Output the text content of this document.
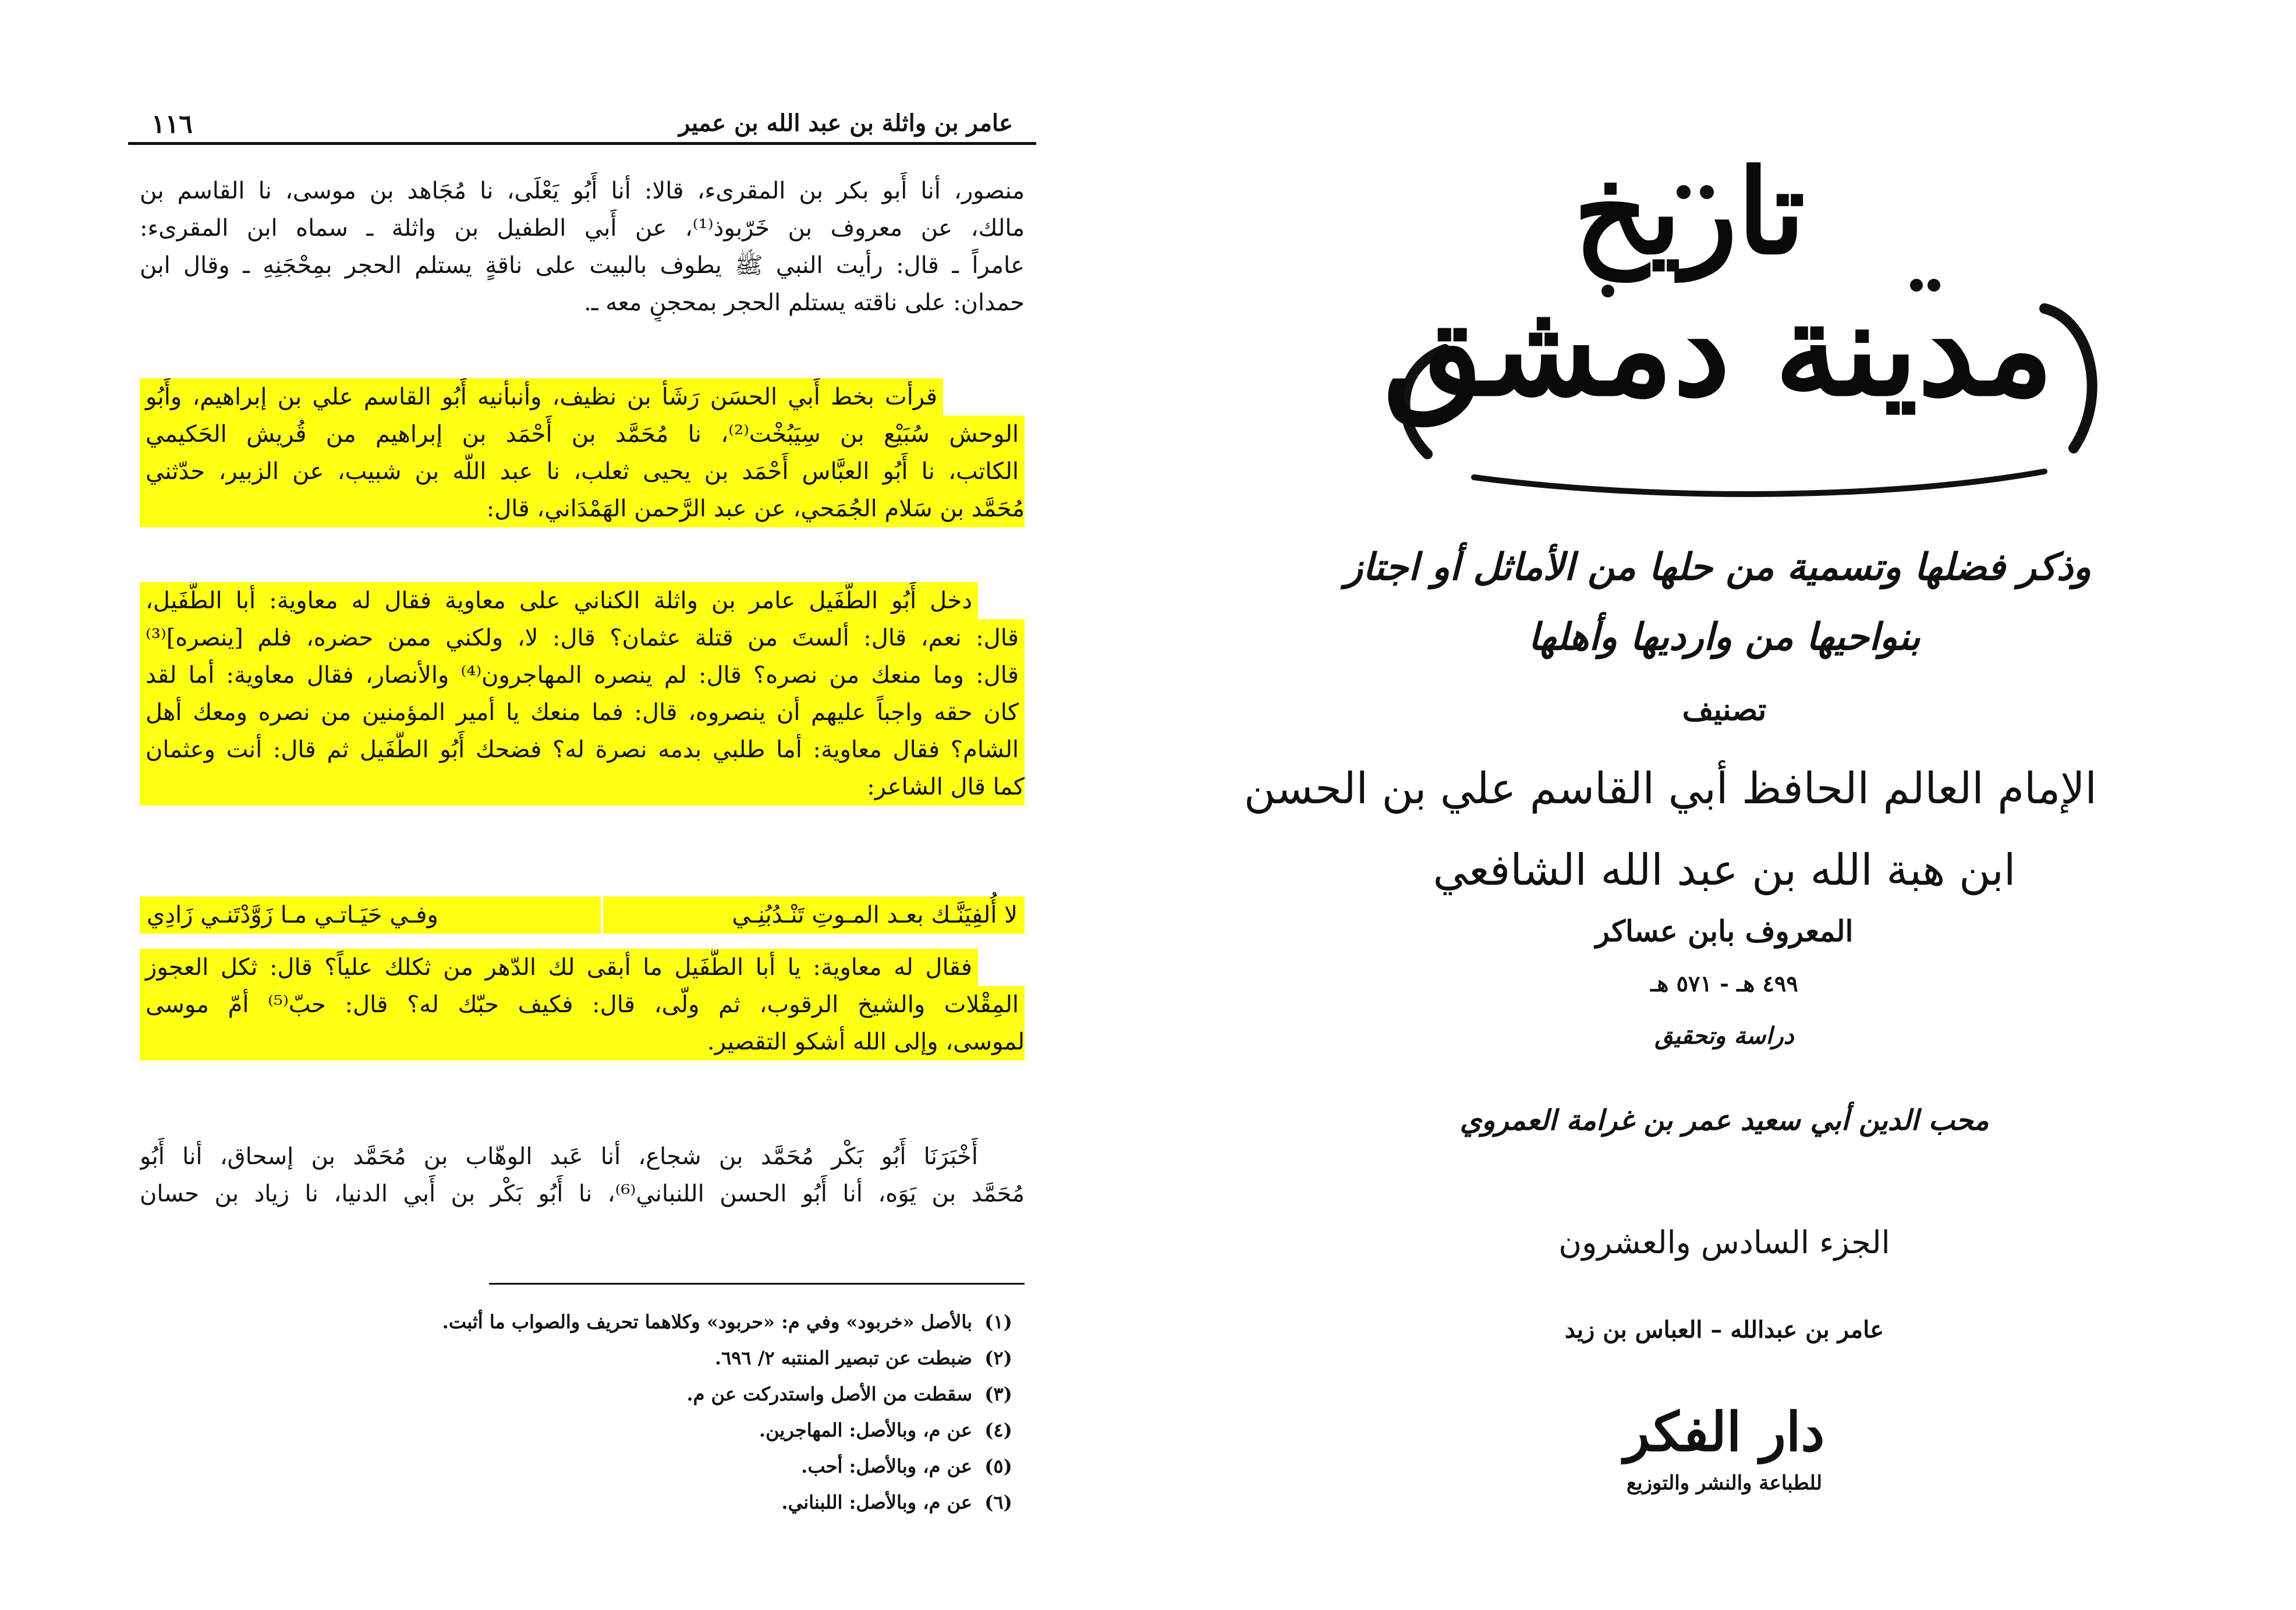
١١٦	عامر بن واثلة بن عبد الله بن عمير
منصور، أنا أَبو بكر بن المقرىء، قالا: أنا أَبُو يَعْلَى، نا مُجَاهد بن موسى، نا القاسم بن
مالك، عن معروف بن خَرّبوذ⁽¹⁾، عن أَبي الطفيل بن واثلة ـ سماه ابن المقرىء:
عامراً ـ قال: رأيت النبي ﷺ يطوف بالبيت على ناقةٍ يستلم الحجر بمِحْجَنِهِ ـ وقال ابن
حمدان: على ناقته يستلم الحجر بمحجنٍ معه ـ.
قرأت بخط أَبي الحسَن رَشَأ بن نظيف، وأنبأنيه أَبُو القاسم علي بن إبراهيم، وأَبُو
الوحش سُبَيْع بن سِيَبُخْت⁽²⁾، نا مُحَمَّد بن أَحْمَد بن إبراهيم من قُريش الحَكيمي
الكاتب، نا أَبُو العبَّاس أَحْمَد بن يحيى ثعلب، نا عبد اللّه بن شبيب، عن الزبير، حدّثني
مُحَمَّد بن سَلام الجُمَحي، عن عبد الرَّحمن الهَمْدَاني، قال:
دخل أَبُو الطُّفَيل عامر بن واثلة الكناني على معاوية فقال له معاوية: أبا الطُّفَيل،
قال: نعم، قال: ألستَ من قتلة عثمان؟ قال: لا، ولكني ممن حضره، فلم [ينصره]⁽³⁾
قال: وما منعك من نصره؟ قال: لم ينصره المهاجرون⁽⁴⁾ والأنصار، فقال معاوية: أما لقد
كان حقه واجباً عليهم أن ينصروه، قال: فما منعك يا أمير المؤمنين من نصره ومعك أهل
الشام؟ فقال معاوية: أما طلبي بدمه نصرة له؟ فضحك أَبُو الطُّفَيل ثم قال: أنت وعثمان
كما قال الشاعر:
لا أُلفِيَنَّـك بعـد المـوتِ تَنْـدُبُنِـي
وفـي حَيَـاتـي مـا زَوَّدْتَنـي زَادِي
فقال له معاوية: يا أبا الطُّفَيل ما أبقى لك الدّهر من ثكلك علياً؟ قال: ثكل العجوز
المِقْلات والشيخ الرقوب، ثم ولّى، قال: فكيف حبّك له؟ قال: حبّ⁽⁵⁾ أمّ موسى
لموسى، وإلى الله أشكو التقصير.
أَخْبَرَنَا أَبُو بَكْر مُحَمَّد بن شجاع، أنا عَبد الوهّاب بن مُحَمَّد بن إسحاق، أنا أَبُو
مُحَمَّد بن يَوَه، أنا أَبُو الحسن اللنباني⁽⁶⁾، نا أَبُو بَكْر بن أَبي الدنيا، نا زياد بن حسان
(١)
بالأصل «خربود» وفي م: «حربود» وكلاهما تحريف والصواب ما أثبت.
(٢)
ضبطت عن تبصير المنتبه ٢/ ٦٩٦.
(٣)
سقطت من الأصل واستدركت عن م.
(٤)
عن م، وبالأصل: المهاجرين.
(٥)
عن م، وبالأصل: أحب.
(٦)
عن م، وبالأصل: اللبناني.
تاريخ
مدينة دمشق
وذكر فضلها وتسمية من حلها من الأماثل أو اجتاز
بنواحيها من وارديها وأهلها
تصنيف
الإمام العالم الحافظ أبي القاسم علي بن الحسن
ابن هبة الله بن عبد الله الشافعي
المعروف بابن عساكر
٤٩٩ هـ - ٥٧١ هـ
دراسة وتحقيق
محب الدين أبي سعيد عمر بن غرامة العمروي
الجزء السادس والعشرون
عامر بن عبدالله – العباس بن زيد
دار الفكر
للطباعة والنشر والتوزيع
